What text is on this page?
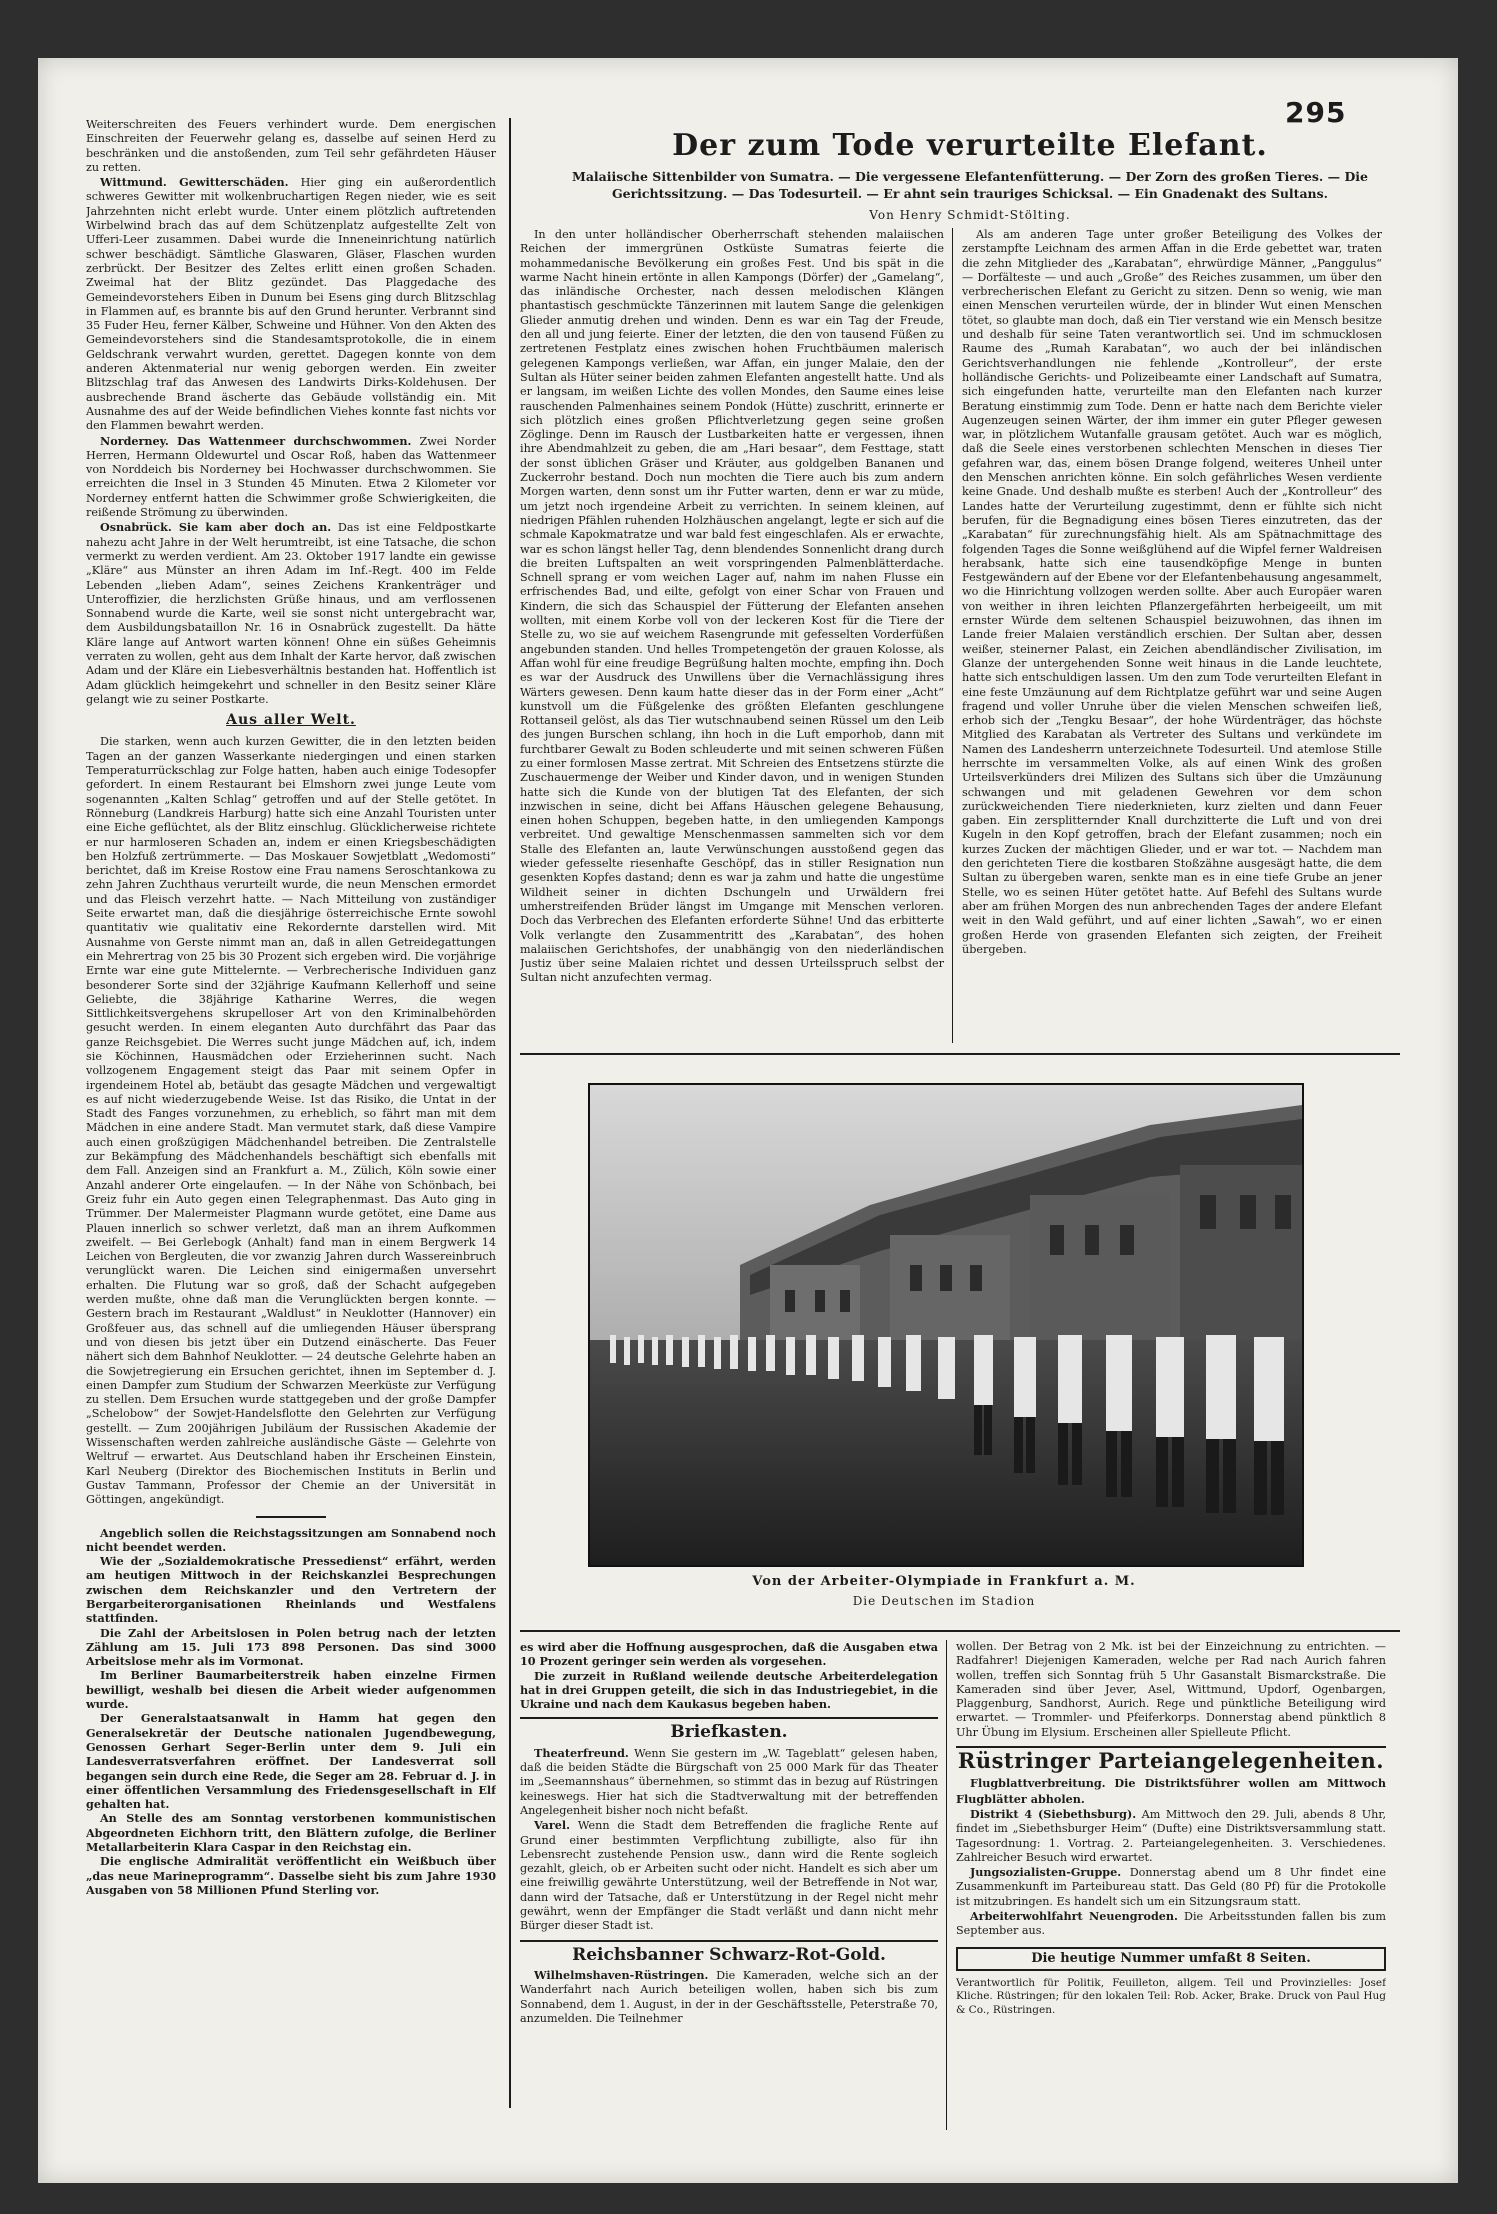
295

Weiterschreiten des Feuers verhindert wurde. Dem energischen Einschreiten der Feuerwehr gelang es, dasselbe auf seinen Herd zu beschränken und die anstoßenden, zum Teil sehr gefährdeten Häuser zu retten.

Wittmund. Gewitterschäden. Hier ging ein außerordentlich schweres Gewitter mit wolkenbruchartigen Regen nieder, wie es seit Jahrzehnten nicht erlebt wurde. Unter einem plötzlich auftretenden Wirbelwind brach das auf dem Schützenplatz aufgestellte Zelt von Ufferi-Leer zusammen. Dabei wurde die Inneneinrichtung natürlich schwer beschädigt. Sämtliche Glaswaren, Gläser, Flaschen wurden zerbrückt. Der Besitzer des Zeltes erlitt einen großen Schaden. Zweimal hat der Blitz gezündet. Das Plaggedache des Gemeindevorstehers Eiben in Dunum bei Esens ging durch Blitzschlag in Flammen auf, es brannte bis auf den Grund herunter. Verbrannt sind 35 Fuder Heu, ferner Kälber, Schweine und Hühner. Von den Akten des Gemeindevorstehers sind die Standesamtsprotokolle, die in einem Geldschrank verwahrt wurden, gerettet. Dagegen konnte von dem anderen Aktenmaterial nur wenig geborgen werden. Ein zweiter Blitzschlag traf das Anwesen des Landwirts Dirks-Koldehusen. Der ausbrechende Brand äscherte das Gebäude vollständig ein. Mit Ausnahme des auf der Weide befindlichen Viehes konnte fast nichts vor den Flammen bewahrt werden.

Norderney. Das Wattenmeer durchschwommen. Zwei Norder Herren, Hermann Oldewurtel und Oscar Roß, haben das Wattenmeer von Norddeich bis Norderney bei Hochwasser durchschwommen. Sie erreichten die Insel in 3 Stunden 45 Minuten. Etwa 2 Kilometer vor Norderney entfernt hatten die Schwimmer große Schwierigkeiten, die reißende Strömung zu überwinden.

Osnabrück. Sie kam aber doch an. Das ist eine Feldpostkarte nahezu acht Jahre in der Welt herumtreibt, ist eine Tatsache, die schon vermerkt zu werden verdient. Am 23. Oktober 1917 landte ein gewisse „Kläre“ aus Münster an ihren Adam im Inf.-Regt. 400 im Felde Lebenden „lieben Adam“, seines Zeichens Krankenträger und Unteroffizier, die herzlichsten Grüße hinaus, und am verflossenen Sonnabend wurde die Karte, weil sie sonst nicht untergebracht war, dem Ausbildungsbataillon Nr. 16 in Osnabrück zugestellt. Da hätte Kläre lange auf Antwort warten können! Ohne ein süßes Geheimnis verraten zu wollen, geht aus dem Inhalt der Karte hervor, daß zwischen Adam und der Kläre ein Liebesverhältnis bestanden hat. Hoffentlich ist Adam glücklich heimgekehrt und schneller in den Besitz seiner Kläre gelangt wie zu seiner Postkarte.

Aus aller Welt.

Die starken, wenn auch kurzen Gewitter, die in den letzten beiden Tagen an der ganzen Wasserkante niedergingen und einen starken Temperaturrückschlag zur Folge hatten, haben auch einige Todesopfer gefordert. In einem Restaurant bei Elmshorn zwei junge Leute vom sogenannten „Kalten Schlag“ getroffen und auf der Stelle getötet. In Rönneburg (Landkreis Harburg) hatte sich eine Anzahl Touristen unter eine Eiche geflüchtet, als der Blitz einschlug. Glücklicherweise richtete er nur harmloseren Schaden an, indem er einen Kriegsbeschädigten ben Holzfuß zertrümmerte. — Das Moskauer Sowjetblatt „Wedomosti“ berichtet, daß im Kreise Rostow eine Frau namens Seroschtankowa zu zehn Jahren Zuchthaus verurteilt wurde, die neun Menschen ermordet und das Fleisch verzehrt hatte. — Nach Mitteilung von zuständiger Seite erwartet man, daß die diesjährige österreichische Ernte sowohl quantitativ wie qualitativ eine Rekordernte darstellen wird. Mit Ausnahme von Gerste nimmt man an, daß in allen Getreidegattungen ein Mehrertrag von 25 bis 30 Prozent sich ergeben wird. Die vorjährige Ernte war eine gute Mittelernte. — Verbrecherische Individuen ganz besonderer Sorte sind der 32jährige Kaufmann Kellerhoff und seine Geliebte, die 38jährige Katharine Werres, die wegen Sittlichkeitsvergehens skrupelloser Art von den Kriminalbehörden gesucht werden. In einem eleganten Auto durchfährt das Paar das ganze Reichsgebiet. Die Werres sucht junge Mädchen auf, ich, indem sie Köchinnen, Hausmädchen oder Erzieherinnen sucht. Nach vollzogenem Engagement steigt das Paar mit seinem Opfer in irgendeinem Hotel ab, betäubt das gesagte Mädchen und vergewaltigt es auf nicht wiederzugebende Weise. Ist das Risiko, die Untat in der Stadt des Fanges vorzunehmen, zu erheblich, so fährt man mit dem Mädchen in eine andere Stadt. Man vermutet stark, daß diese Vampire auch einen großzügigen Mädchenhandel betreiben. Die Zentralstelle zur Bekämpfung des Mädchenhandels beschäftigt sich ebenfalls mit dem Fall. Anzeigen sind an Frankfurt a. M., Zülich, Köln sowie einer Anzahl anderer Orte eingelaufen. — In der Nähe von Schönbach, bei Greiz fuhr ein Auto gegen einen Telegraphenmast. Das Auto ging in Trümmer. Der Malermeister Plagmann wurde getötet, eine Dame aus Plauen innerlich so schwer verletzt, daß man an ihrem Aufkommen zweifelt. — Bei Gerlebogk (Anhalt) fand man in einem Bergwerk 14 Leichen von Bergleuten, die vor zwanzig Jahren durch Wassereinbruch verunglückt waren. Die Leichen sind einigermaßen unversehrt erhalten. Die Flutung war so groß, daß der Schacht aufgegeben werden mußte, ohne daß man die Verunglückten bergen konnte. — Gestern brach im Restaurant „Waldlust“ in Neuklotter (Hannover) ein Großfeuer aus, das schnell auf die umliegenden Häuser übersprang und von diesen bis jetzt über ein Dutzend einäscherte. Das Feuer nähert sich dem Bahnhof Neuklotter. — 24 deutsche Gelehrte haben an die Sowjetregierung ein Ersuchen gerichtet, ihnen im September d. J. einen Dampfer zum Studium der Schwarzen Meerküste zur Verfügung zu stellen. Dem Ersuchen wurde stattgegeben und der große Dampfer „Schelobow“ der Sowjet-Handelsflotte den Gelehrten zur Verfügung gestellt. — Zum 200jährigen Jubiläum der Russischen Akademie der Wissenschaften werden zahlreiche ausländische Gäste — Gelehrte von Weltruf — erwartet. Aus Deutschland haben ihr Erscheinen Einstein, Karl Neuberg (Direktor des Biochemischen Instituts in Berlin und Gustav Tammann, Professor der Chemie an der Universität in Göttingen, angekündigt.

Angeblich sollen die Reichstagssitzungen am Sonnabend noch nicht beendet werden.

Wie der „Sozialdemokratische Pressedienst“ erfährt, werden am heutigen Mittwoch in der Reichskanzlei Besprechungen zwischen dem Reichskanzler und den Vertretern der Bergarbeiterorganisationen Rheinlands und Westfalens stattfinden.

Die Zahl der Arbeitslosen in Polen betrug nach der letzten Zählung am 15. Juli 173 898 Personen. Das sind 3000 Arbeitslose mehr als im Vormonat.

Im Berliner Baumarbeiterstreik haben einzelne Firmen bewilligt, weshalb bei diesen die Arbeit wieder aufgenommen wurde.

Der Generalstaatsanwalt in Hamm hat gegen den Generalsekretär der Deutsche nationalen Jugendbewegung, Genossen Gerhart Seger-Berlin unter dem 9. Juli ein Landesverratsverfahren eröffnet. Der Landesverrat soll begangen sein durch eine Rede, die Seger am 28. Februar d. J. in einer öffentlichen Versammlung des Friedensgesellschaft in Elf gehalten hat.

An Stelle des am Sonntag verstorbenen kommunistischen Abgeordneten Eichhorn tritt, den Blättern zufolge, die Berliner Metallarbeiterin Klara Caspar in den Reichstag ein.

Die englische Admiralität veröffentlicht ein Weißbuch über „das neue Marineprogramm“. Dasselbe sieht bis zum Jahre 1930 Ausgaben von 58 Millionen Pfund Sterling vor.

Der zum Tode verurteilte Elefant.
Malaiische Sittenbilder von Sumatra. — Die vergessene Elefantenfütterung. — Der Zorn des großen Tieres. — Die Gerichtssitzung. — Das Todesurteil. — Er ahnt sein trauriges Schicksal. — Ein Gnadenakt des Sultans.
Von Henry Schmidt-Stölting.

In den unter holländischer Oberherrschaft stehenden malaiischen Reichen der immergrünen Ostküste Sumatras feierte die mohammedanische Bevölkerung ein großes Fest. Und bis spät in die warme Nacht hinein ertönte in allen Kampongs (Dörfer) der „Gamelang“, das inländische Orchester, nach dessen melodischen Klängen phantastisch geschmückte Tänzerinnen mit lautem Sange die gelenkigen Glieder anmutig drehen und winden. Denn es war ein Tag der Freude, den all und jung feierte. Einer der letzten, die den von tausend Füßen zu zertretenen Festplatz eines zwischen hohen Fruchtbäumen malerisch gelegenen Kampongs verließen, war Affan, ein junger Malaie, den der Sultan als Hüter seiner beiden zahmen Elefanten angestellt hatte. Und als er langsam, im weißen Lichte des vollen Mondes, den Saume eines leise rauschenden Palmenhaines seinem Pondok (Hütte) zuschritt, erinnerte er sich plötzlich eines großen Pflichtverletzung gegen seine großen Zöglinge. Denn im Rausch der Lustbarkeiten hatte er vergessen, ihnen ihre Abendmahlzeit zu geben, die am „Hari besaar“, dem Festtage, statt der sonst üblichen Gräser und Kräuter, aus goldgelben Bananen und Zuckerrohr bestand. Doch nun mochten die Tiere auch bis zum andern Morgen warten, denn sonst um ihr Futter warten, denn er war zu müde, um jetzt noch irgendeine Arbeit zu verrichten. In seinem kleinen, auf niedrigen Pfählen ruhenden Holzhäuschen angelangt, legte er sich auf die schmale Kapokmatratze und war bald fest eingeschlafen. Als er erwachte, war es schon längst heller Tag, denn blendendes Sonnenlicht drang durch die breiten Luftspalten an weit vorspringenden Palmenblätterdache. Schnell sprang er vom weichen Lager auf, nahm im nahen Flusse ein erfrischendes Bad, und eilte, gefolgt von einer Schar von Frauen und Kindern, die sich das Schauspiel der Fütterung der Elefanten ansehen wollten, mit einem Korbe voll von der leckeren Kost für die Tiere der Stelle zu, wo sie auf weichem Rasengrunde mit gefesselten Vorderfüßen angebunden standen. Und helles Trompetengetön der grauen Kolosse, als Affan wohl für eine freudige Begrüßung halten mochte, empfing ihn. Doch es war der Ausdruck des Unwillens über die Vernachlässigung ihres Wärters gewesen. Denn kaum hatte dieser das in der Form einer „Acht“ kunstvoll um die Füßgelenke des größten Elefanten geschlungene Rottanseil gelöst, als das Tier wutschnaubend seinen Rüssel um den Leib des jungen Burschen schlang, ihn hoch in die Luft emporhob, dann mit furchtbarer Gewalt zu Boden schleuderte und mit seinen schweren Füßen zu einer formlosen Masse zertrat. Mit Schreien des Entsetzens stürzte die Zuschauermenge der Weiber und Kinder davon, und in wenigen Stunden hatte sich die Kunde von der blutigen Tat des Elefanten, der sich inzwischen in seine, dicht bei Affans Häuschen gelegene Behausung, einen hohen Schuppen, begeben hatte, in den umliegenden Kampongs verbreitet. Und gewaltige Menschenmassen sammelten sich vor dem Stalle des Elefanten an, laute Verwünschungen ausstoßend gegen das wieder gefesselte riesenhafte Geschöpf, das in stiller Resignation nun gesenkten Kopfes dastand; denn es war ja zahm und hatte die ungestüme Wildheit seiner in dichten Dschungeln und Urwäldern frei umherstreifenden Brüder längst im Umgange mit Menschen verloren. Doch das Verbrechen des Elefanten erforderte Sühne! Und das erbitterte Volk verlangte den Zusammentritt des „Karabatan“, des hohen malaiischen Gerichtshofes, der unabhängig von den niederländischen Justiz über seine Malaien richtet und dessen Urteilsspruch selbst der Sultan nicht anzufechten vermag.

Als am anderen Tage unter großer Beteiligung des Volkes der zerstampfte Leichnam des armen Affan in die Erde gebettet war, traten die zehn Mitglieder des „Karabatan“, ehrwürdige Männer, „Panggulus“ — Dorfälteste — und auch „Große“ des Reiches zusammen, um über den verbrecherischen Elefant zu Gericht zu sitzen. Denn so wenig, wie man einen Menschen verurteilen würde, der in blinder Wut einen Menschen tötet, so glaubte man doch, daß ein Tier verstand wie ein Mensch besitze und deshalb für seine Taten verantwortlich sei. Und im schmucklosen Raume des „Rumah Karabatan“, wo auch der bei inländischen Gerichtsverhandlungen nie fehlende „Kontrolleur“, der erste holländische Gerichts- und Polizeibeamte einer Landschaft auf Sumatra, sich eingefunden hatte, verurteilte man den Elefanten nach kurzer Beratung einstimmig zum Tode. Denn er hatte nach dem Berichte vieler Augenzeugen seinen Wärter, der ihm immer ein guter Pfleger gewesen war, in plötzlichem Wutanfalle grausam getötet. Auch war es möglich, daß die Seele eines verstorbenen schlechten Menschen in dieses Tier gefahren war, das, einem bösen Drange folgend, weiteres Unheil unter den Menschen anrichten könne. Ein solch gefährliches Wesen verdiente keine Gnade. Und deshalb mußte es sterben! Auch der „Kontrolleur“ des Landes hatte der Verurteilung zugestimmt, denn er fühlte sich nicht berufen, für die Begnadigung eines bösen Tieres einzutreten, das der „Karabatan“ für zurechnungsfähig hielt. Als am Spätnachmittage des folgenden Tages die Sonne weißglühend auf die Wipfel ferner Waldreisen herabsank, hatte sich eine tausendköpfige Menge in bunten Festgewändern auf der Ebene vor der Elefantenbehausung angesammelt, wo die Hinrichtung vollzogen werden sollte. Aber auch Europäer waren von weither in ihren leichten Pflanzergefährten herbeigeeilt, um mit ernster Würde dem seltenen Schauspiel beizuwohnen, das ihnen im Lande freier Malaien verständlich erschien. Der Sultan aber, dessen weißer, steinerner Palast, ein Zeichen abendländischer Zivilisation, im Glanze der untergehenden Sonne weit hinaus in die Lande leuchtete, hatte sich entschuldigen lassen. Um den zum Tode verurteilten Elefant in eine feste Umzäunung auf dem Richtplatze geführt war und seine Augen fragend und voller Unruhe über die vielen Menschen schweifen ließ, erhob sich der „Tengku Besaar“, der hohe Würdenträger, das höchste Mitglied des Karabatan als Vertreter des Sultans und verkündete im Namen des Landesherrn unterzeichnete Todesurteil. Und atemlose Stille herrschte im versammelten Volke, als auf einen Wink des großen Urteilsverkünders drei Milizen des Sultans sich über die Umzäunung schwangen und mit geladenen Gewehren vor dem schon zurückweichenden Tiere niederknieten, kurz zielten und dann Feuer gaben. Ein zersplitternder Knall durchzitterte die Luft und von drei Kugeln in den Kopf getroffen, brach der Elefant zusammen; noch ein kurzes Zucken der mächtigen Glieder, und er war tot. — Nachdem man den gerichteten Tiere die kostbaren Stoßzähne ausgesägt hatte, die dem Sultan zu übergeben waren, senkte man es in eine tiefe Grube an jener Stelle, wo es seinen Hüter getötet hatte. Auf Befehl des Sultans wurde aber am frühen Morgen des nun anbrechenden Tages der andere Elefant weit in den Wald geführt, und auf einer lichten „Sawah“, wo er einen großen Herde von grasenden Elefanten sich zeigten, der Freiheit übergeben.

Von der Arbeiter-Olympiade in Frankfurt a. M.
Die Deutschen im Stadion

es wird aber die Hoffnung ausgesprochen, daß die Ausgaben etwa 10 Prozent geringer sein werden als vorgesehen.

Die zurzeit in Rußland weilende deutsche Arbeiterdelegation hat in drei Gruppen geteilt, die sich in das Industriegebiet, in die Ukraine und nach dem Kaukasus begeben haben.

Briefkasten.

Theaterfreund. Wenn Sie gestern im „W. Tageblatt“ gelesen haben, daß die beiden Städte die Bürgschaft von 25 000 Mark für das Theater im „Seemannshaus“ übernehmen, so stimmt das in bezug auf Rüstringen keineswegs. Hier hat sich die Stadtverwaltung mit der betreffenden Angelegenheit bisher noch nicht befaßt.

Varel. Wenn die Stadt dem Betreffenden die fragliche Rente auf Grund einer bestimmten Verpflichtung zubilligte, also für ihn Lebensrecht zustehende Pension usw., dann wird die Rente sogleich gezahlt, gleich, ob er Arbeiten sucht oder nicht. Handelt es sich aber um eine freiwillig gewährte Unterstützung, weil der Betreffende in Not war, dann wird der Tatsache, daß er Unterstützung in der Regel nicht mehr gewährt, wenn der Empfänger die Stadt verläßt und dann nicht mehr Bürger dieser Stadt ist.

Reichsbanner Schwarz-Rot-Gold.

Wilhelmshaven-Rüstringen. Die Kameraden, welche sich an der Wanderfahrt nach Aurich beteiligen wollen, haben sich bis zum Sonnabend, dem 1. August, in der in der Geschäftsstelle, Peterstraße 70, anzumelden. Die Teilnehmer

wollen. Der Betrag von 2 Mk. ist bei der Einzeichnung zu entrichten. — Radfahrer! Diejenigen Kameraden, welche per Rad nach Aurich fahren wollen, treffen sich Sonntag früh 5 Uhr Gasanstalt Bismarckstraße. Die Kameraden sind über Jever, Asel, Wittmund, Updorf, Ogenbargen, Plaggenburg, Sandhorst, Aurich. Rege und pünktliche Beteiligung wird erwartet. — Trommler- und Pfeiferkorps. Donnerstag abend pünktlich 8 Uhr Übung im Elysium. Erscheinen aller Spielleute Pflicht.

Rüstringer Parteiangelegenheiten.

Flugblattverbreitung. Die Distriktsführer wollen am Mittwoch Flugblätter abholen.

Distrikt 4 (Siebethsburg). Am Mittwoch den 29. Juli, abends 8 Uhr, findet im „Siebethsburger Heim“ (Dufte) eine Distriktsversammlung statt. Tagesordnung: 1. Vortrag. 2. Parteiangelegenheiten. 3. Verschiedenes. Zahlreicher Besuch wird erwartet.

Jungsozialisten-Gruppe. Donnerstag abend um 8 Uhr findet eine Zusammenkunft im Parteibureau statt. Das Geld (80 Pf) für die Protokolle ist mitzubringen. Es handelt sich um ein Sitzungsraum statt.

Arbeiterwohlfahrt Neuengroden. Die Arbeitsstunden fallen bis zum September aus.

Die heutige Nummer umfaßt 8 Seiten.

Verantwortlich für Politik, Feuilleton, allgem. Teil und Provinzielles: Josef Kliche. Rüstringen; für den lokalen Teil: Rob. Acker, Brake. Druck von Paul Hug & Co., Rüstringen.
